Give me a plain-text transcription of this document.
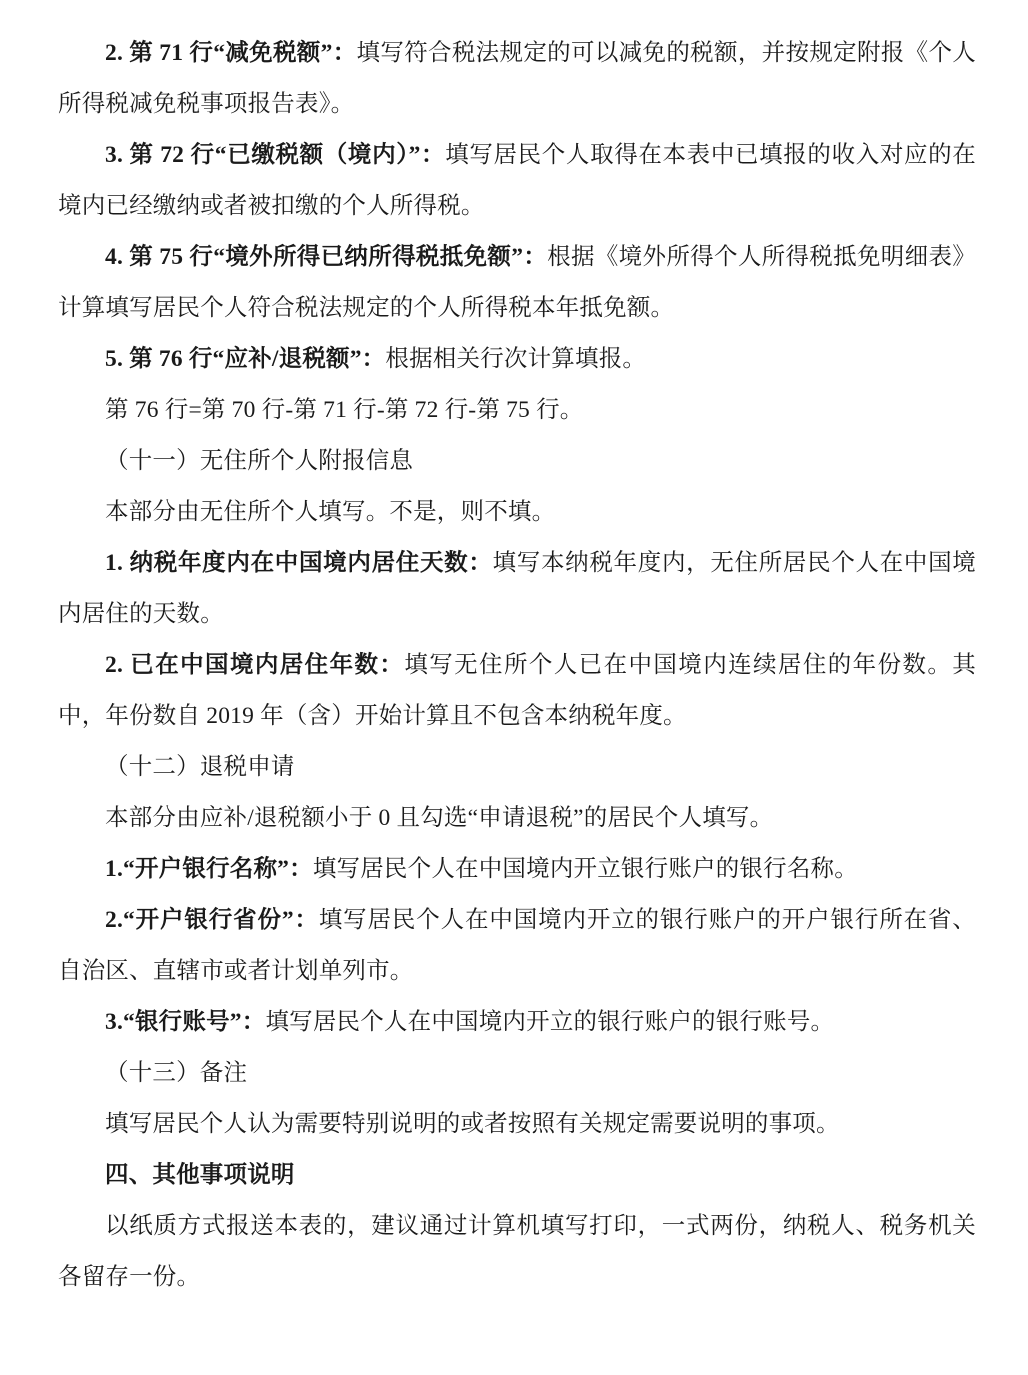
2. 第 71 行“减免税额”：填写符合税法规定的可以减免的税额，并按规定附报《个人所得税减免税事项报告表》。

3. 第 72 行“已缴税额（境内）”：填写居民个人取得在本表中已填报的收入对应的在境内已经缴纳或者被扣缴的个人所得税。

4. 第 75 行“境外所得已纳所得税抵免额”：根据《境外所得个人所得税抵免明细表》计算填写居民个人符合税法规定的个人所得税本年抵免额。

5. 第 76 行“应补/退税额”：根据相关行次计算填报。

第 76 行=第 70 行-第 71 行-第 72 行-第 75 行。

（十一）无住所个人附报信息

本部分由无住所个人填写。不是，则不填。

1. 纳税年度内在中国境内居住天数：填写本纳税年度内，无住所居民个人在中国境内居住的天数。

2. 已在中国境内居住年数：填写无住所个人已在中国境内连续居住的年份数。其中，年份数自 2019 年（含）开始计算且不包含本纳税年度。

（十二）退税申请

本部分由应补/退税额小于 0 且勾选“申请退税”的居民个人填写。

1.“开户银行名称”：填写居民个人在中国境内开立银行账户的银行名称。

2.“开户银行省份”：填写居民个人在中国境内开立的银行账户的开户银行所在省、自治区、直辖市或者计划单列市。

3.“银行账号”：填写居民个人在中国境内开立的银行账户的银行账号。

（十三）备注

填写居民个人认为需要特别说明的或者按照有关规定需要说明的事项。

四、其他事项说明

以纸质方式报送本表的，建议通过计算机填写打印，一式两份，纳税人、税务机关各留存一份。
